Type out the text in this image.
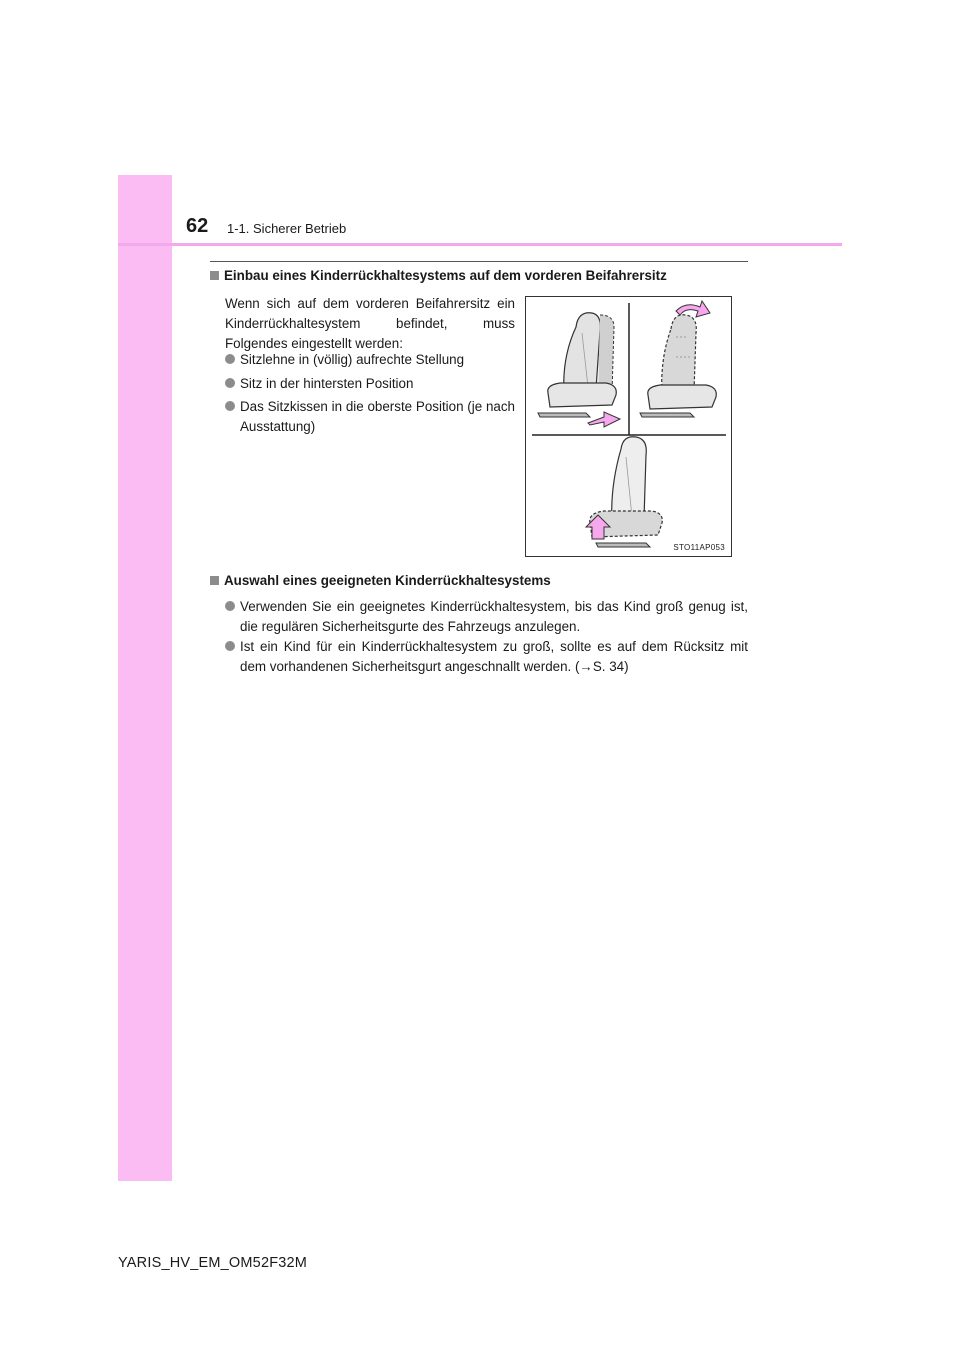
62 1-1. Sicherer Betrieb
Einbau eines Kinderrückhaltesystems auf dem vorderen Beifahrersitz
Wenn sich auf dem vorderen Beifahrersitz ein Kinderrückhaltesystem befindet, muss Folgendes eingestellt werden:
Sitzlehne in (völlig) aufrechte Stellung
Sitz in der hintersten Position
Das Sitzkissen in die oberste Position (je nach Ausstattung)
STO11AP053
Auswahl eines geeigneten Kinderrückhaltesystems
Verwenden Sie ein geeignetes Kinderrückhaltesystem, bis das Kind groß genug ist, die regulären Sicherheitsgurte des Fahrzeugs anzulegen.
Ist ein Kind für ein Kinderrückhaltesystem zu groß, sollte es auf dem Rücksitz mit dem vorhandenen Sicherheitsgurt angeschnallt werden. (→S. 34)
YARIS_HV_EM_OM52F32M
